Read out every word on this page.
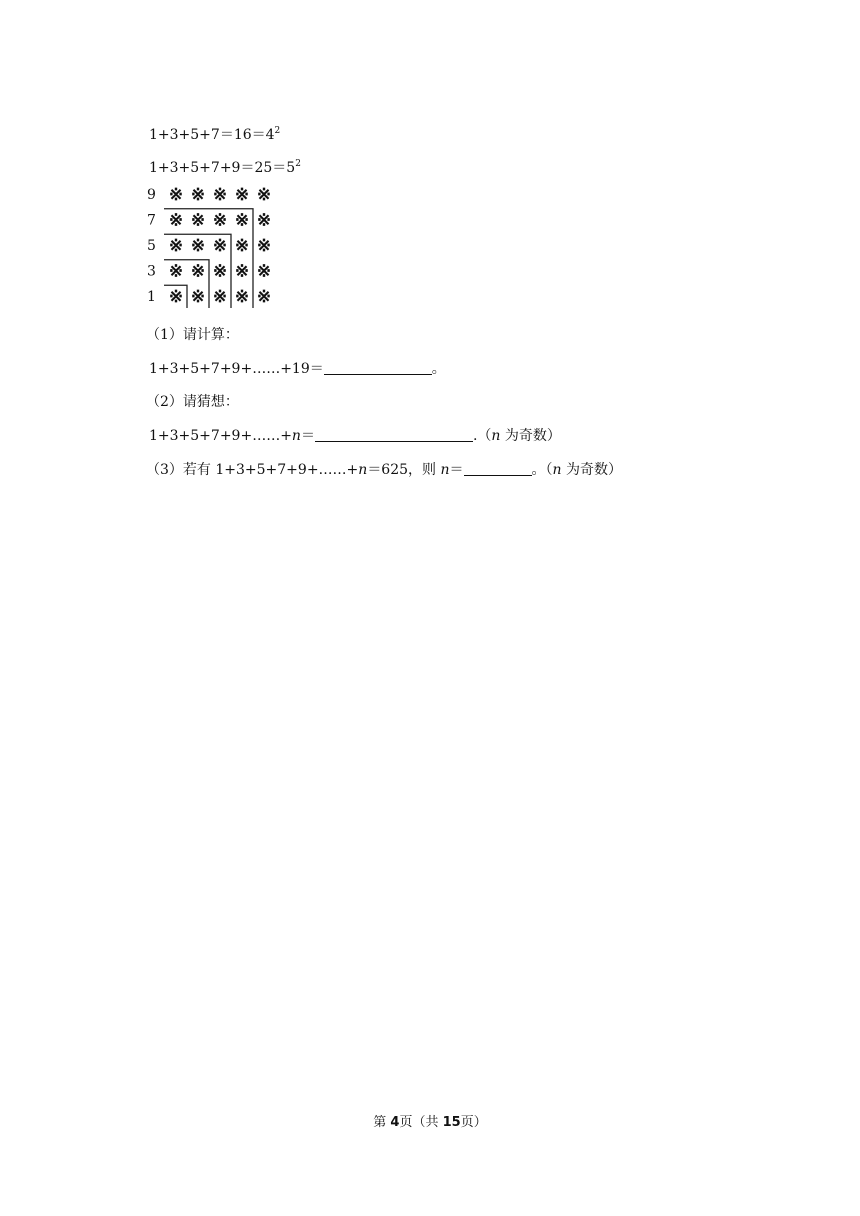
$1+3+5+7=16=4^2$
$1+3+5+7+9=25=5^2$
9 ※ ※ ※ ※ ※
7 ※ ※ ※ ※ ※
5 ※ ※ ※ ※ ※
3 ※ ※ ※ ※ ※
1 ※ ※ ※ ※ ※
（1）请计算：
1+3+5+7+9+……+19＝	。
（2）请猜想：
1+3+5+7+9+……+n＝	.（n 为奇数）
（3）若有 1+3+5+7+9+……+n＝625，则 n＝	。（n 为奇数）
第 4页（共 15页）
